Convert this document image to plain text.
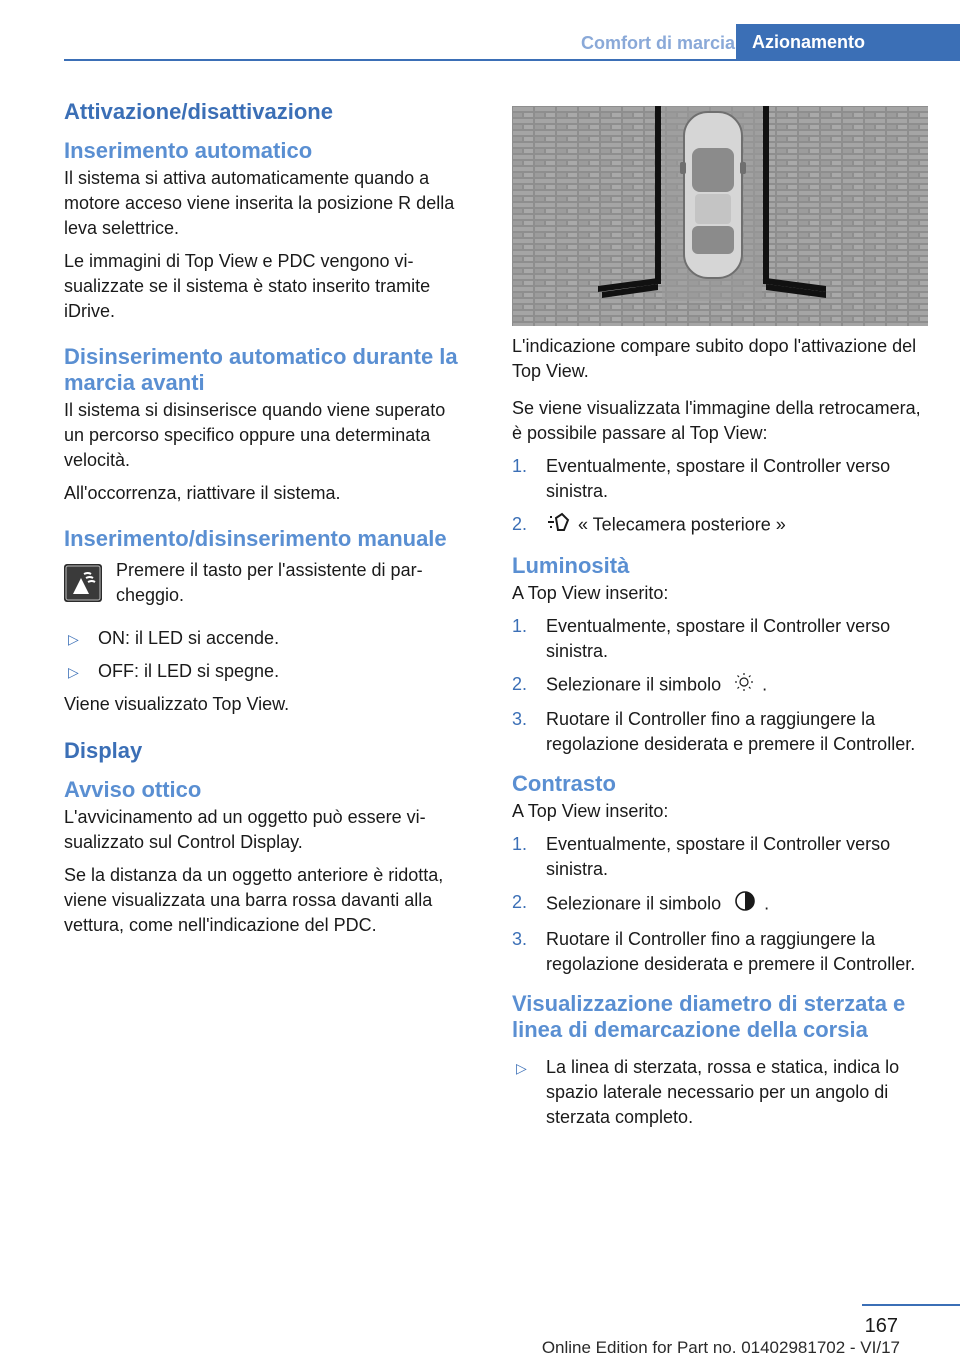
Comfort di marcia Azionamento
Attivazione/disattivazione
Inserimento automatico
Il sistema si attiva automaticamente quando a motore acceso viene inserita la posizione R della leva selettrice.
Le immagini di Top View e PDC vengono visualizzate se il sistema è stato inserito tramite iDrive.
Disinserimento automatico durante la marcia avanti
Il sistema si disinserisce quando viene superato un percorso specifico oppure una determinata velocità.
All'occorrenza, riattivare il sistema.
Inserimento/disinserimento manuale
Premere il tasto per l'assistente di parcheggio.
▷ ON: il LED si accende.
▷ OFF: il LED si spegne.
Viene visualizzato Top View.
Display
Avviso ottico
L'avvicinamento ad un oggetto può essere visualizzato sul Control Display.
Se la distanza da un oggetto anteriore è ridotta, viene visualizzata una barra rossa davanti alla vettura, come nell'indicazione del PDC.
L'indicazione compare subito dopo l'attivazione del Top View.
Se viene visualizzata l'immagine della retrocamera, è possibile passare al Top View:
1. Eventualmente, spostare il Controller verso sinistra.
2.	« Telecamera posteriore »
Luminosità
A Top View inserito:
1. Eventualmente, spostare il Controller verso sinistra.
2. Selezionare il simbolo .
3. Ruotare il Controller fino a raggiungere la regolazione desiderata e premere il Controller.
Contrasto
A Top View inserito:
1. Eventualmente, spostare il Controller verso sinistra.
2. Selezionare il simbolo .
3. Ruotare il Controller fino a raggiungere la regolazione desiderata e premere il Controller.
Visualizzazione diametro di sterzata e linea di demarcazione della corsia
▷ La linea di sterzata, rossa e statica, indica lo spazio laterale necessario per un angolo di sterzata completo.
167
Online Edition for Part no. 01402981702 - VI/17
